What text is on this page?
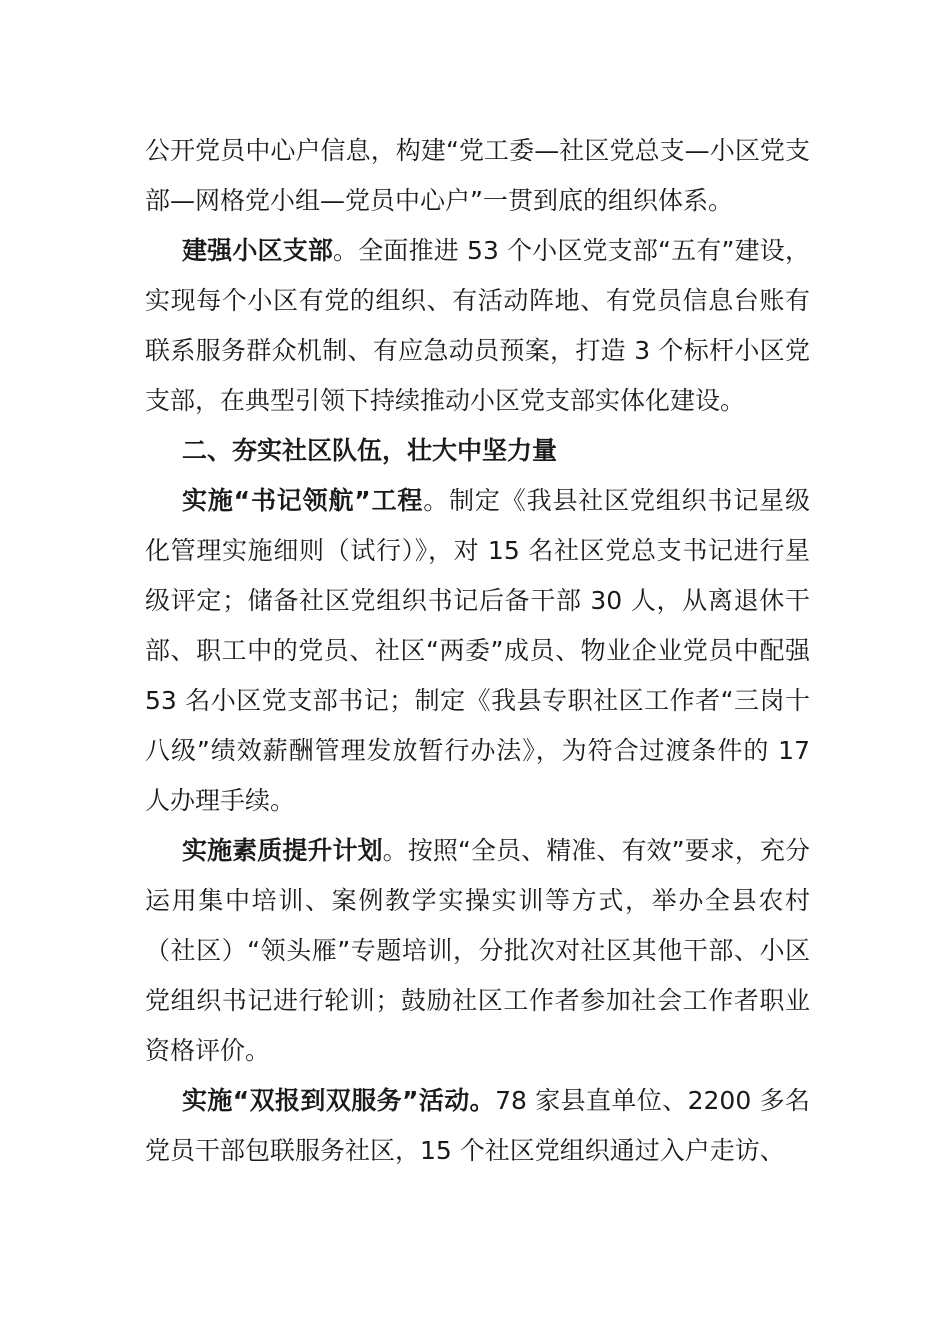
公开党员中心户信息，构建“党工委—社区党总支—小区党支部—网格党小组—党员中心户”一贯到底的组织体系。

建强小区支部。全面推进 53 个小区党支部“五有”建设，实现每个小区有党的组织、有活动阵地、有党员信息台账有联系服务群众机制、有应急动员预案，打造 3 个标杆小区党支部，在典型引领下持续推动小区党支部实体化建设。

二、夯实社区队伍，壮大中坚力量

实施“书记领航”工程。制定《我县社区党组织书记星级化管理实施细则（试行）》，对 15 名社区党总支书记进行星级评定；储备社区党组织书记后备干部 30 人，从离退休干部、职工中的党员、社区“两委”成员、物业企业党员中配强 53 名小区党支部书记；制定《我县专职社区工作者“三岗十八级”绩效薪酬管理发放暂行办法》，为符合过渡条件的 17 人办理手续。

实施素质提升计划。按照“全员、精准、有效”要求，充分运用集中培训、案例教学实操实训等方式，举办全县农村（社区）“领头雁”专题培训，分批次对社区其他干部、小区党组织书记进行轮训；鼓励社区工作者参加社会工作者职业资格评价。

实施“双报到双服务”活动。78 家县直单位、2200 多名党员干部包联服务社区，15 个社区党组织通过入户走访、
